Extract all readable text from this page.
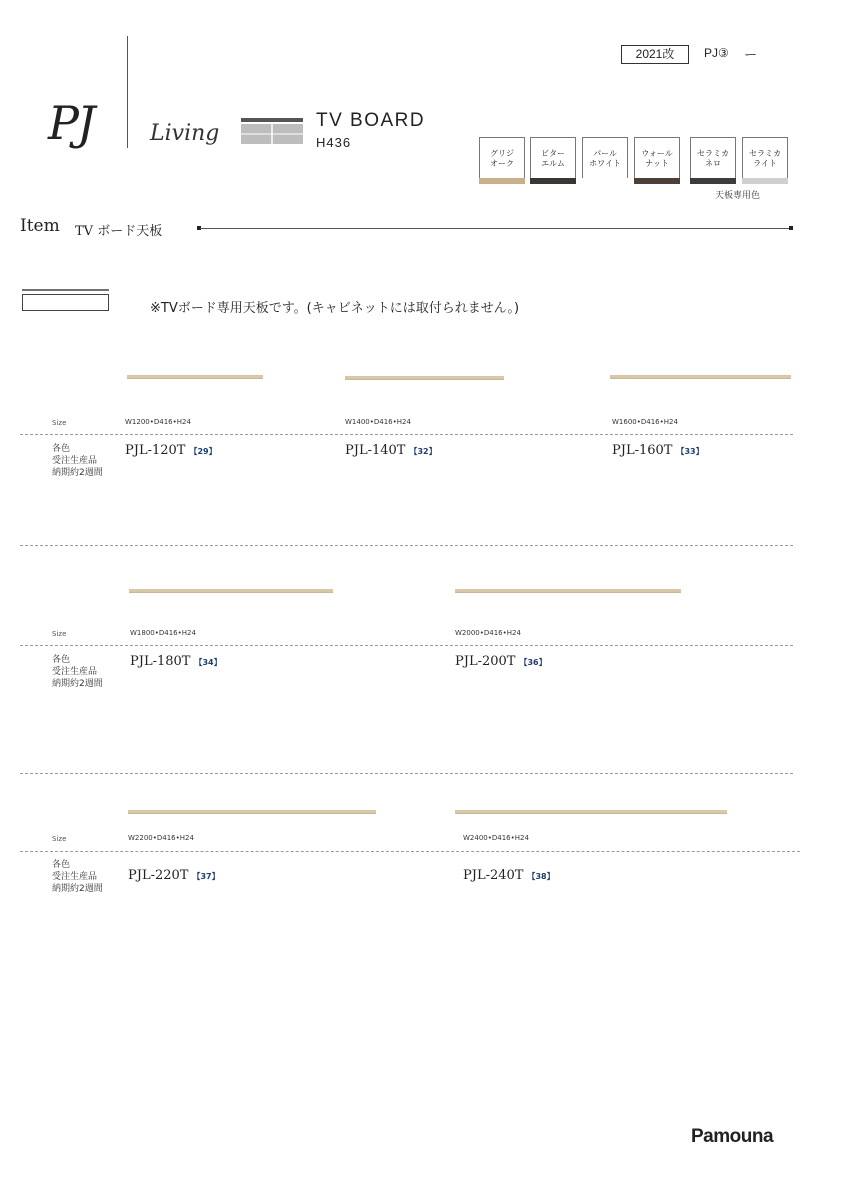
2021改	PJ③ ー
PJ	Living
TV BOARD
H436
グリジ
オーク
ビター
エルム
パール
ホワイト
ウォール
ナット
セラミカ
ネロ
セラミカ
ライト
天板専用色
Item TV ボード天板
※TVボード専用天板です。(キャビネットには取付られません。)
Size	W1200•D416•H24	W1400•D416•H24	W1600•D416•H24
各色
受注生産品
納期約2週間
PJL-120T 【29】	PJL-140T 【32】	PJL-160T 【33】
Size	W1800•D416•H24	W2000•D416•H24
各色
受注生産品
納期約2週間
PJL-180T 【34】	PJL-200T 【36】
Size	W2200•D416•H24	W2400•D416•H24
各色
受注生産品
納期約2週間
PJL-220T 【37】	PJL-240T 【38】
Pamouna
